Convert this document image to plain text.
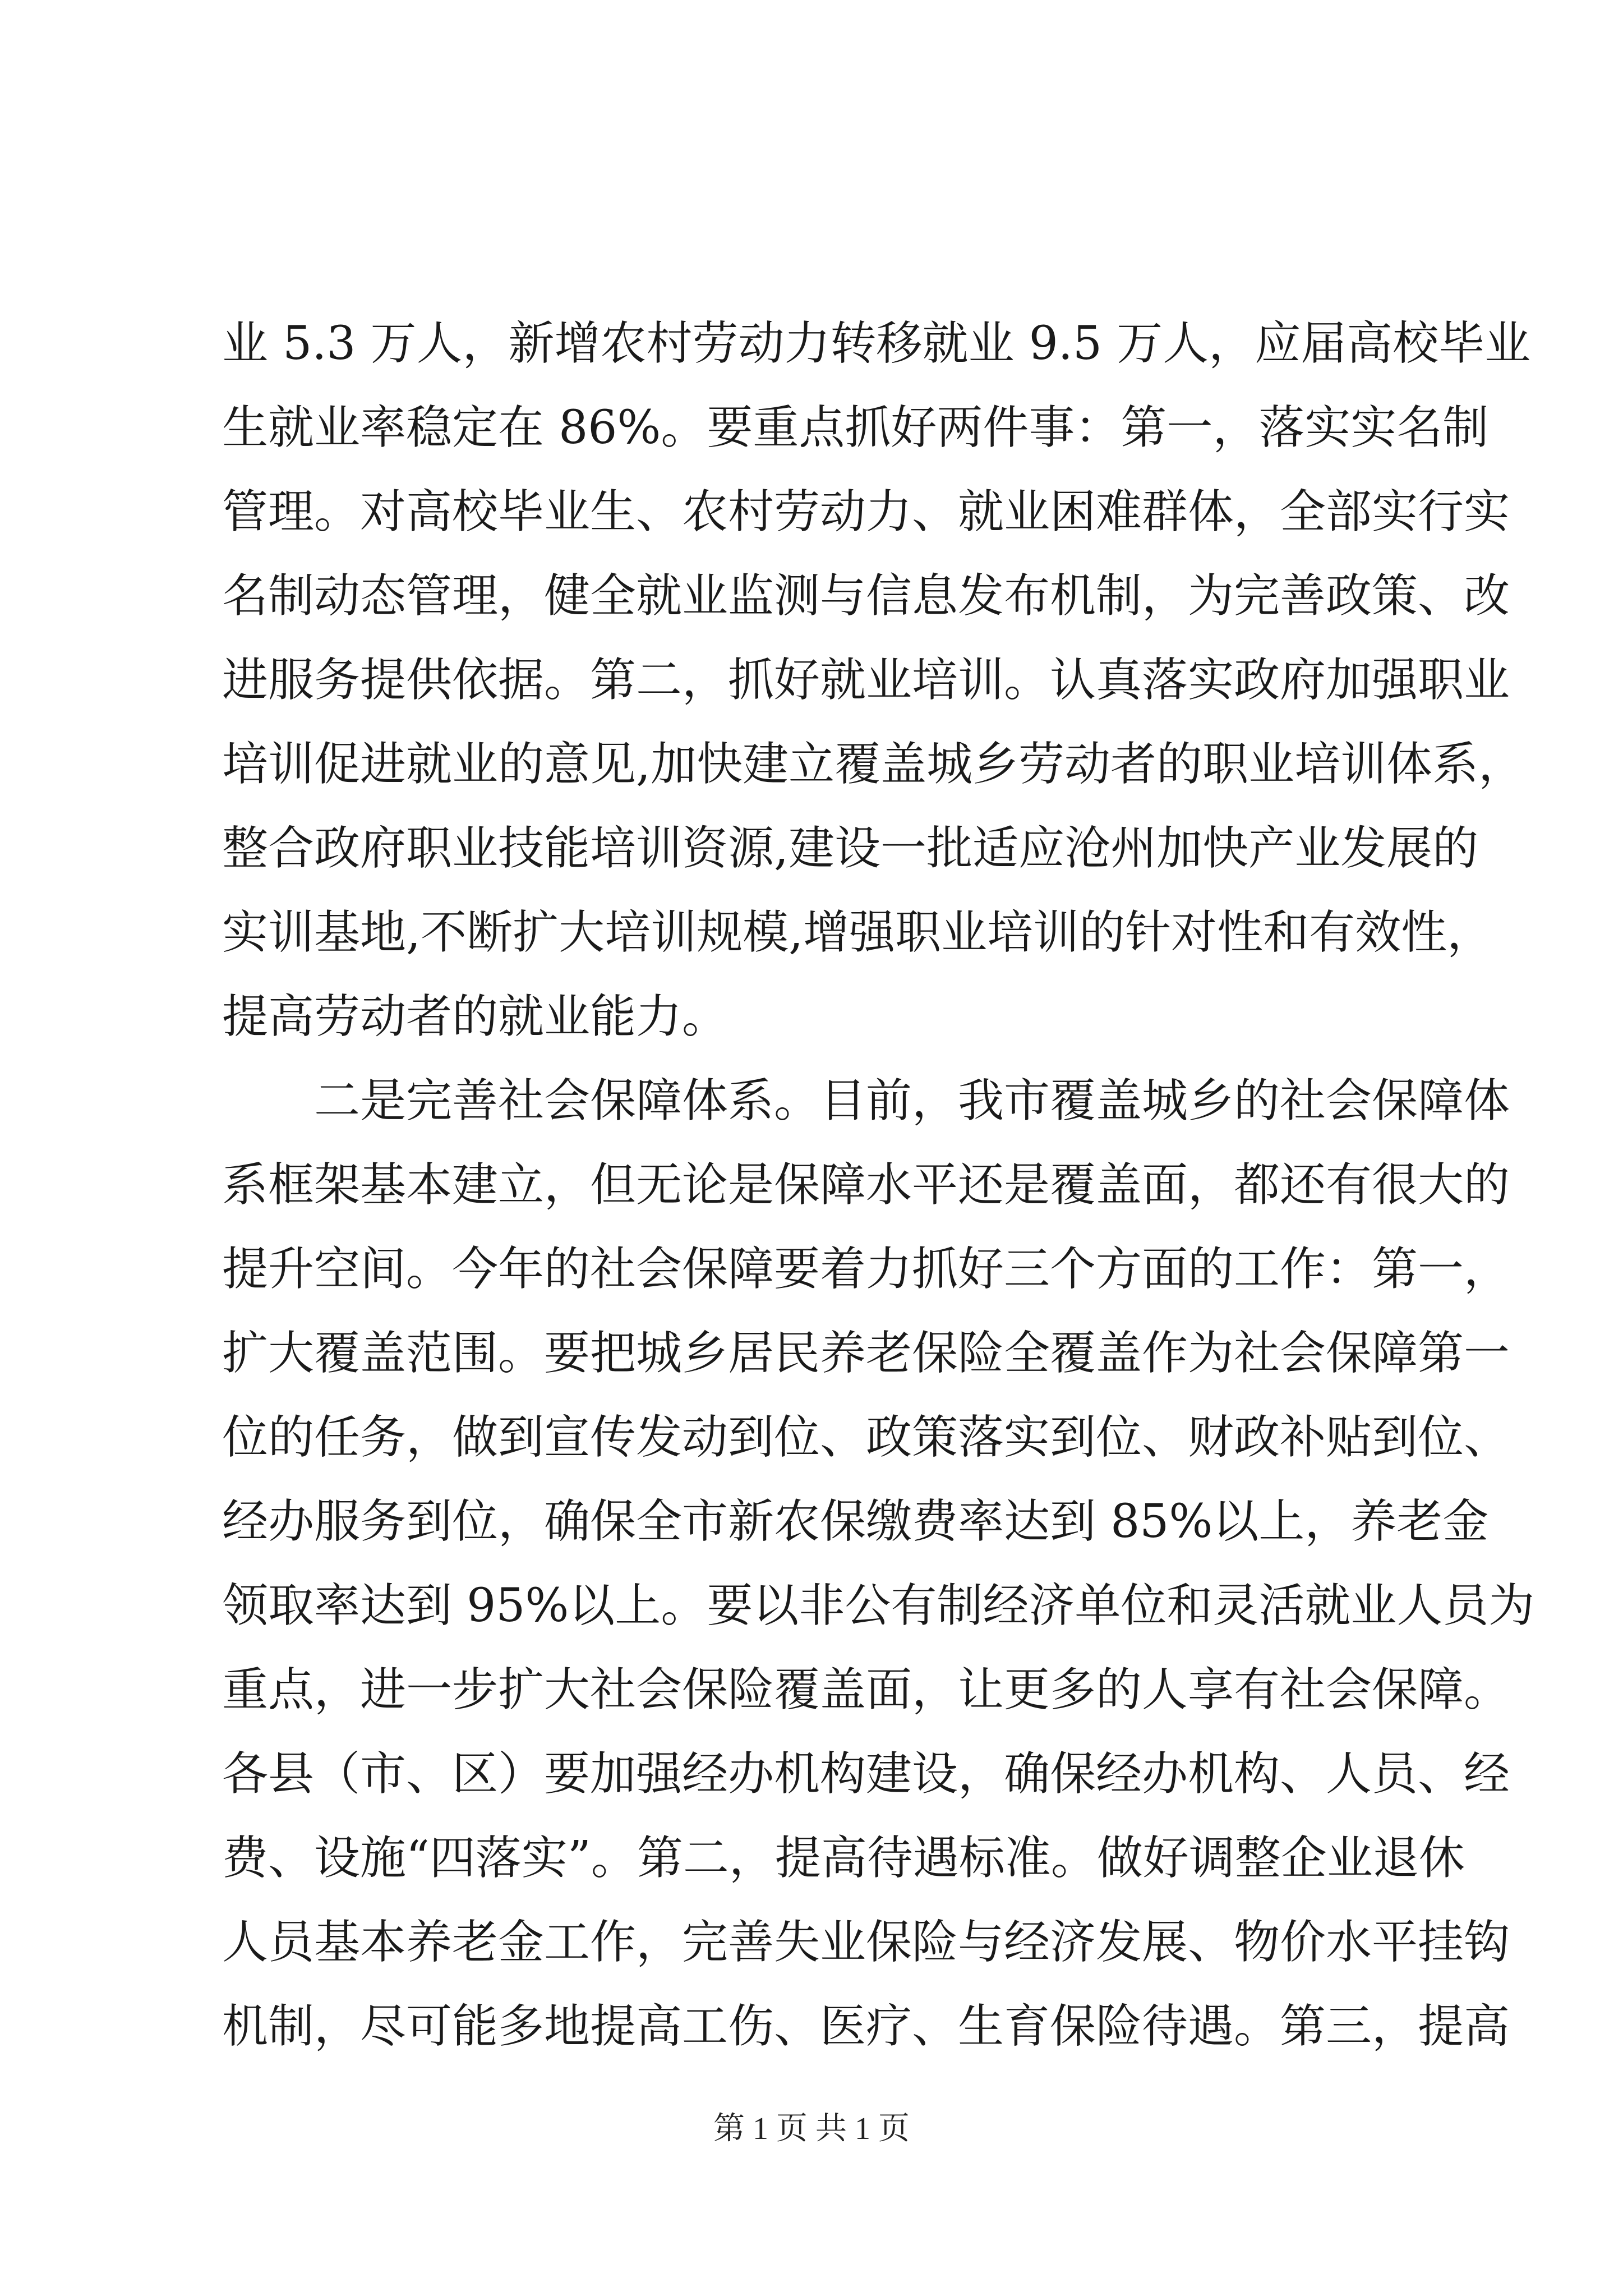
业 5.3 万人，新增农村劳动力转移就业 9.5 万人，应届高校毕业
生就业率稳定在 86%。要重点抓好两件事：第一，落实实名制
管理。对高校毕业生、农村劳动力、就业困难群体，全部实行实
名制动态管理，健全就业监测与信息发布机制，为完善政策、改
进服务提供依据。第二，抓好就业培训。认真落实政府加强职业
培训促进就业的意见,加快建立覆盖城乡劳动者的职业培训体系，
整合政府职业技能培训资源,建设一批适应沧州加快产业发展的
实训基地,不断扩大培训规模,增强职业培训的针对性和有效性，
提高劳动者的就业能力。
二是完善社会保障体系。目前，我市覆盖城乡的社会保障体
系框架基本建立，但无论是保障水平还是覆盖面，都还有很大的
提升空间。今年的社会保障要着力抓好三个方面的工作：第一，
扩大覆盖范围。要把城乡居民养老保险全覆盖作为社会保障第一
位的任务，做到宣传发动到位、政策落实到位、财政补贴到位、
经办服务到位，确保全市新农保缴费率达到 85%以上，养老金
领取率达到 95%以上。要以非公有制经济单位和灵活就业人员为
重点，进一步扩大社会保险覆盖面，让更多的人享有社会保障。
各县（市、区）要加强经办机构建设，确保经办机构、人员、经
费、设施“四落实”。第二，提高待遇标准。做好调整企业退休
人员基本养老金工作，完善失业保险与经济发展、物价水平挂钩
机制，尽可能多地提高工伤、医疗、生育保险待遇。第三，提高
第 1 页 共 1 页
